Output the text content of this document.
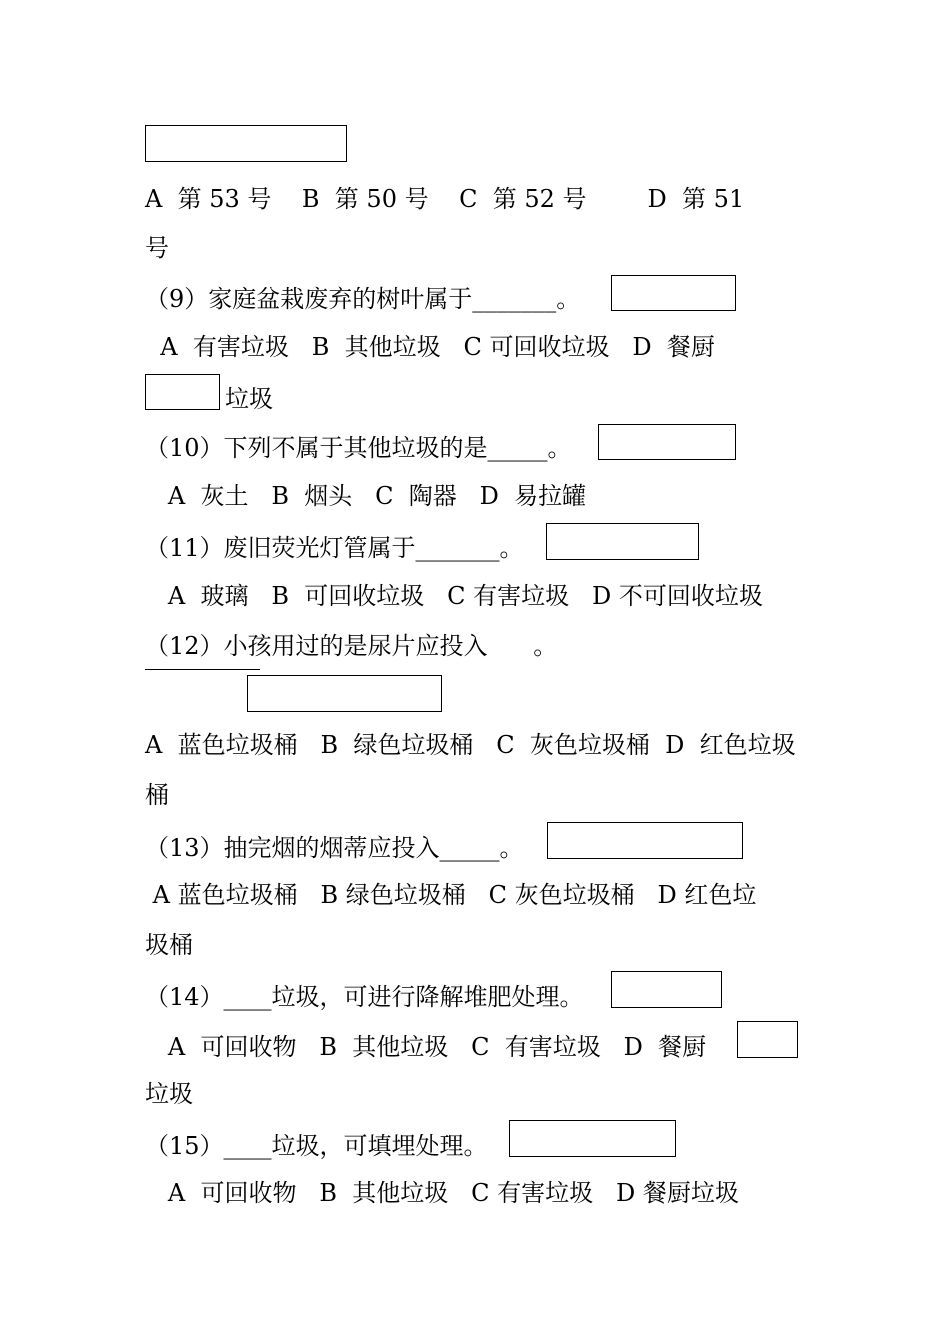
A  第 53 号    B  第 50 号    C  第 52 号        D  第 51
号
（9）家庭盆栽废弃的树叶属于_______。
A  有害垃圾   B  其他垃圾   C 可回收垃圾   D  餐厨
垃圾
（10）下列不属于其他垃圾的是_____。
A  灰土   B  烟头   C  陶器   D  易拉罐
（11）废旧荧光灯管属于_______。
A  玻璃   B  可回收垃圾   C 有害垃圾   D 不可回收垃圾
（12）小孩用过的是尿片应投入      。
A  蓝色垃圾桶   B  绿色垃圾桶   C  灰色垃圾桶  D  红色垃圾
桶
（13）抽完烟的烟蒂应投入_____。
A 蓝色垃圾桶   B 绿色垃圾桶   C 灰色垃圾桶   D 红色垃
圾桶
（14）____垃圾，可进行降解堆肥处理。
A  可回收物   B  其他垃圾   C  有害垃圾   D  餐厨
垃圾
（15）____垃圾，可填埋处理。
A  可回收物   B  其他垃圾   C 有害垃圾   D 餐厨垃圾
